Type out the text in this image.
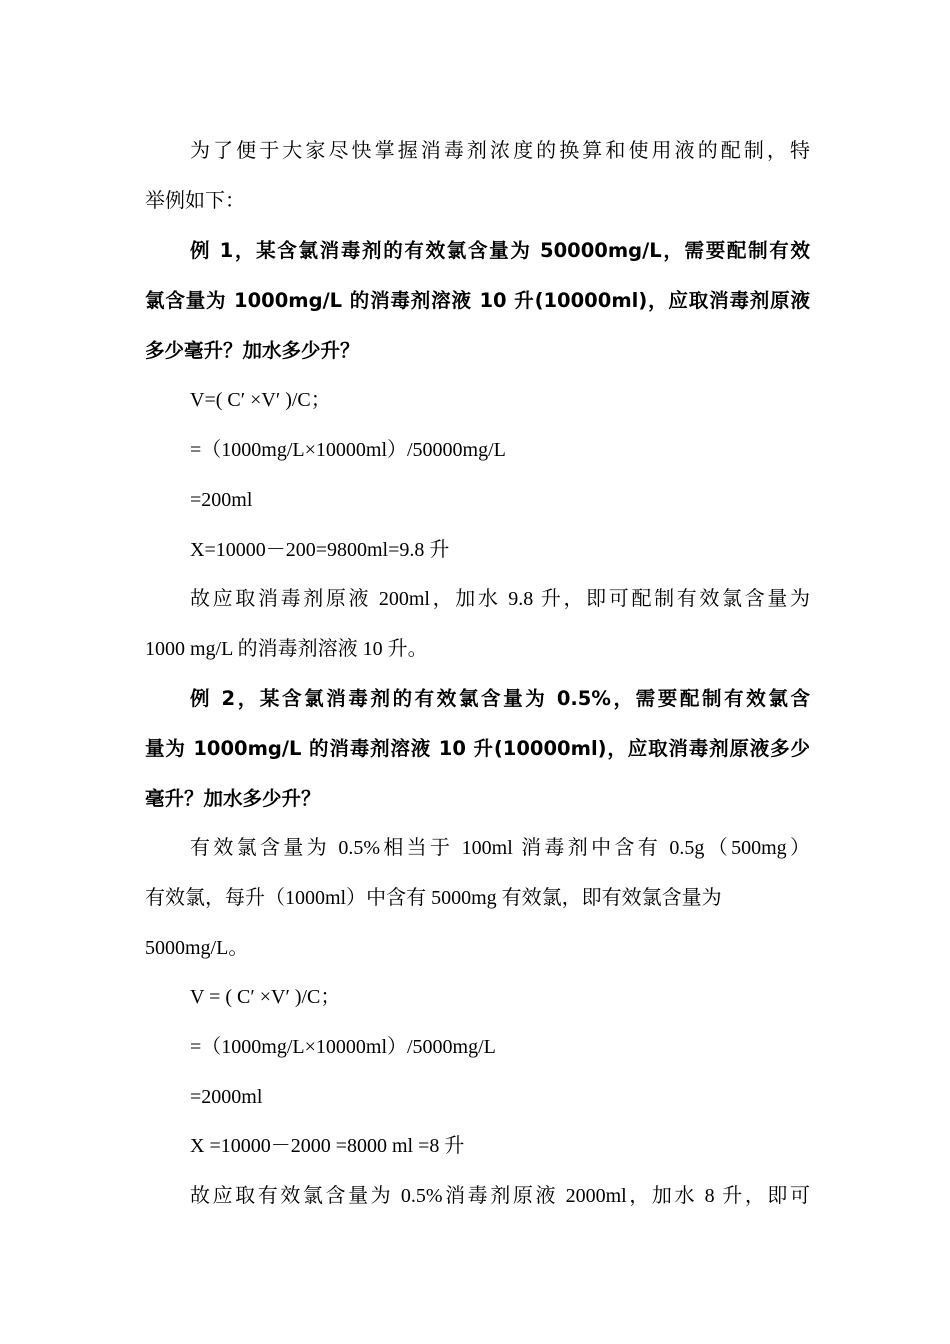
为了便于大家尽快掌握消毒剂浓度的换算和使用液的配制，特
举例如下：
例 1，某含氯消毒剂的有效氯含量为 50000mg/L，需要配制有效
氯含量为 1000mg/L 的消毒剂溶液 10 升(10000ml)，应取消毒剂原液
多少毫升？加水多少升？
V=( C′ ×V′ )/C；
=（1000mg/L×10000ml）/50000mg/L
=200ml
X=10000－200=9800ml=9.8 升
故应取消毒剂原液 200ml，加水 9.8 升，即可配制有效氯含量为
1000 mg/L 的消毒剂溶液 10 升。
例 2，某含氯消毒剂的有效氯含量为 0.5%，需要配制有效氯含
量为 1000mg/L 的消毒剂溶液 10 升(10000ml)，应取消毒剂原液多少
毫升？加水多少升？
有效氯含量为 0.5%相当于 100ml 消毒剂中含有 0.5g（500mg）
有效氯，每升（1000ml）中含有 5000mg 有效氯，即有效氯含量为
5000mg/L。
V = ( C′ ×V′ )/C；
=（1000mg/L×10000ml）/5000mg/L
=2000ml
X =10000－2000 =8000 ml =8 升
故应取有效氯含量为 0.5%消毒剂原液 2000ml，加水 8 升，即可
